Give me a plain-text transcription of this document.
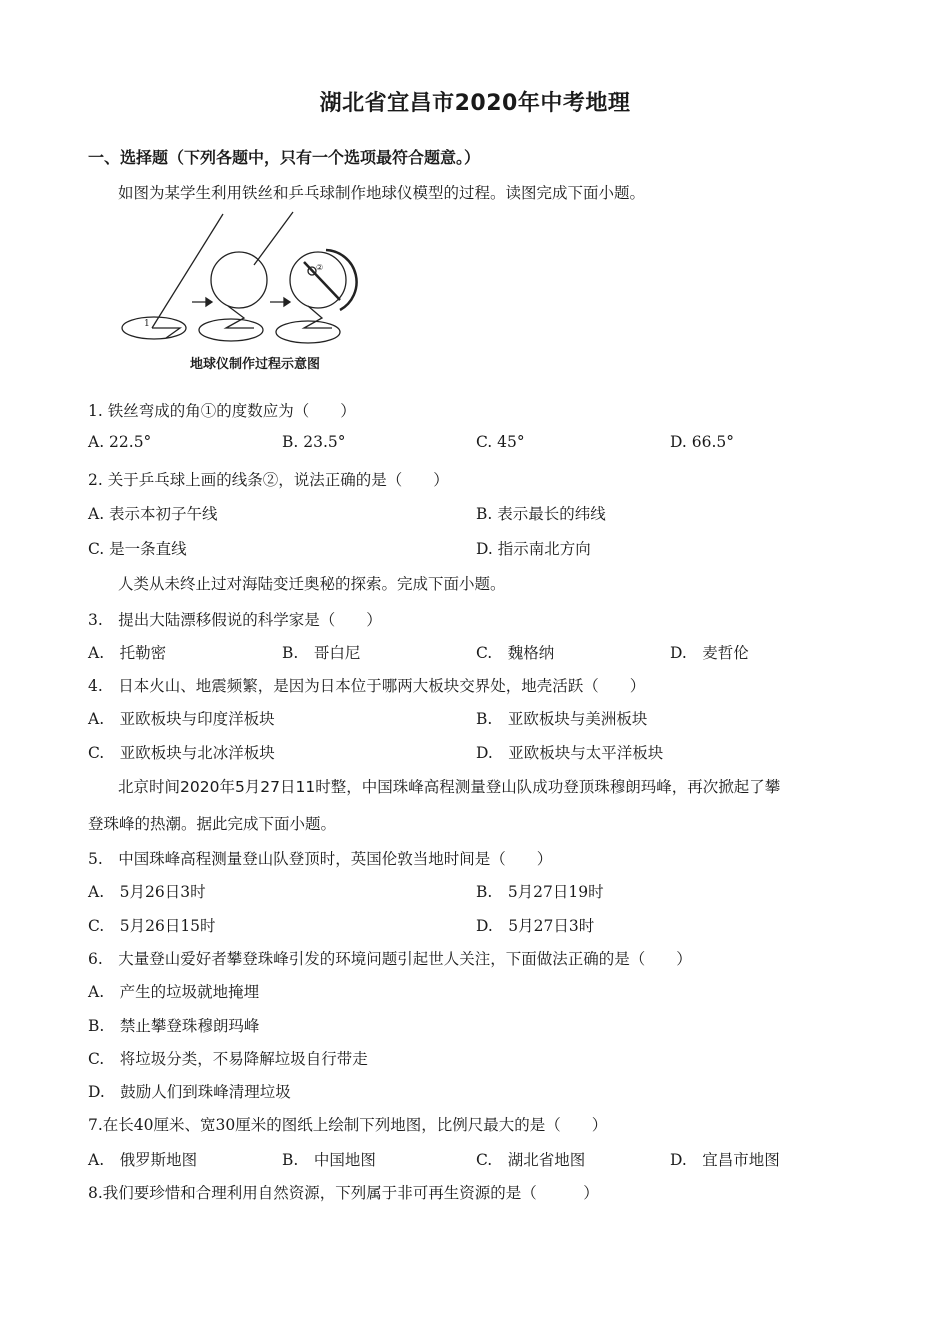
湖北省宜昌市2020年中考地理
一、选择题（下列各题中，只有一个选项最符合题意。）
如图为某学生利用铁丝和乒乓球制作地球仪模型的过程。读图完成下面小题。
1
②
地球仪制作过程示意图
1. 铁丝弯成的角①的度数应为（　　）
A. 22.5°	B. 23.5°	C. 45°	D. 66.5°
2. 关于乒乓球上画的线条②，说法正确的是（　　）
A. 表示本初子午线	B. 表示最长的纬线
C. 是一条直线	D. 指示南北方向
人类从未终止过对海陆变迁奥秘的探索。完成下面小题。
3.　提出大陆漂移假说的科学家是（　　）
A.　托勒密	B.　哥白尼	C.　魏格纳	D.　麦哲伦
4.　日本火山、地震频繁，是因为日本位于哪两大板块交界处，地壳活跃（　　）
A.　亚欧板块与印度洋板块	B.　亚欧板块与美洲板块
C.　亚欧板块与北冰洋板块	D.　亚欧板块与太平洋板块
北京时间2020年5月27日11时整，中国珠峰高程测量登山队成功登顶珠穆朗玛峰，再次掀起了攀
登珠峰的热潮。据此完成下面小题。
5.　中国珠峰高程测量登山队登顶时，英国伦敦当地时间是（　　）
A.　5月26日3时	B.　5月27日19时
C.　5月26日15时	D.　5月27日3时
6.　大量登山爱好者攀登珠峰引发的环境问题引起世人关注，下面做法正确的是（　　）
A.　产生的垃圾就地掩埋
B.　禁止攀登珠穆朗玛峰
C.　将垃圾分类，不易降解垃圾自行带走
D.　鼓励人们到珠峰清理垃圾
7.在长40厘米、宽30厘米的图纸上绘制下列地图，比例尺最大的是（　　）
A.　俄罗斯地图	B.　中国地图	C.　湖北省地图	D.　宜昌市地图
8.我们要珍惜和合理利用自然资源，下列属于非可再生资源的是（　　　）
